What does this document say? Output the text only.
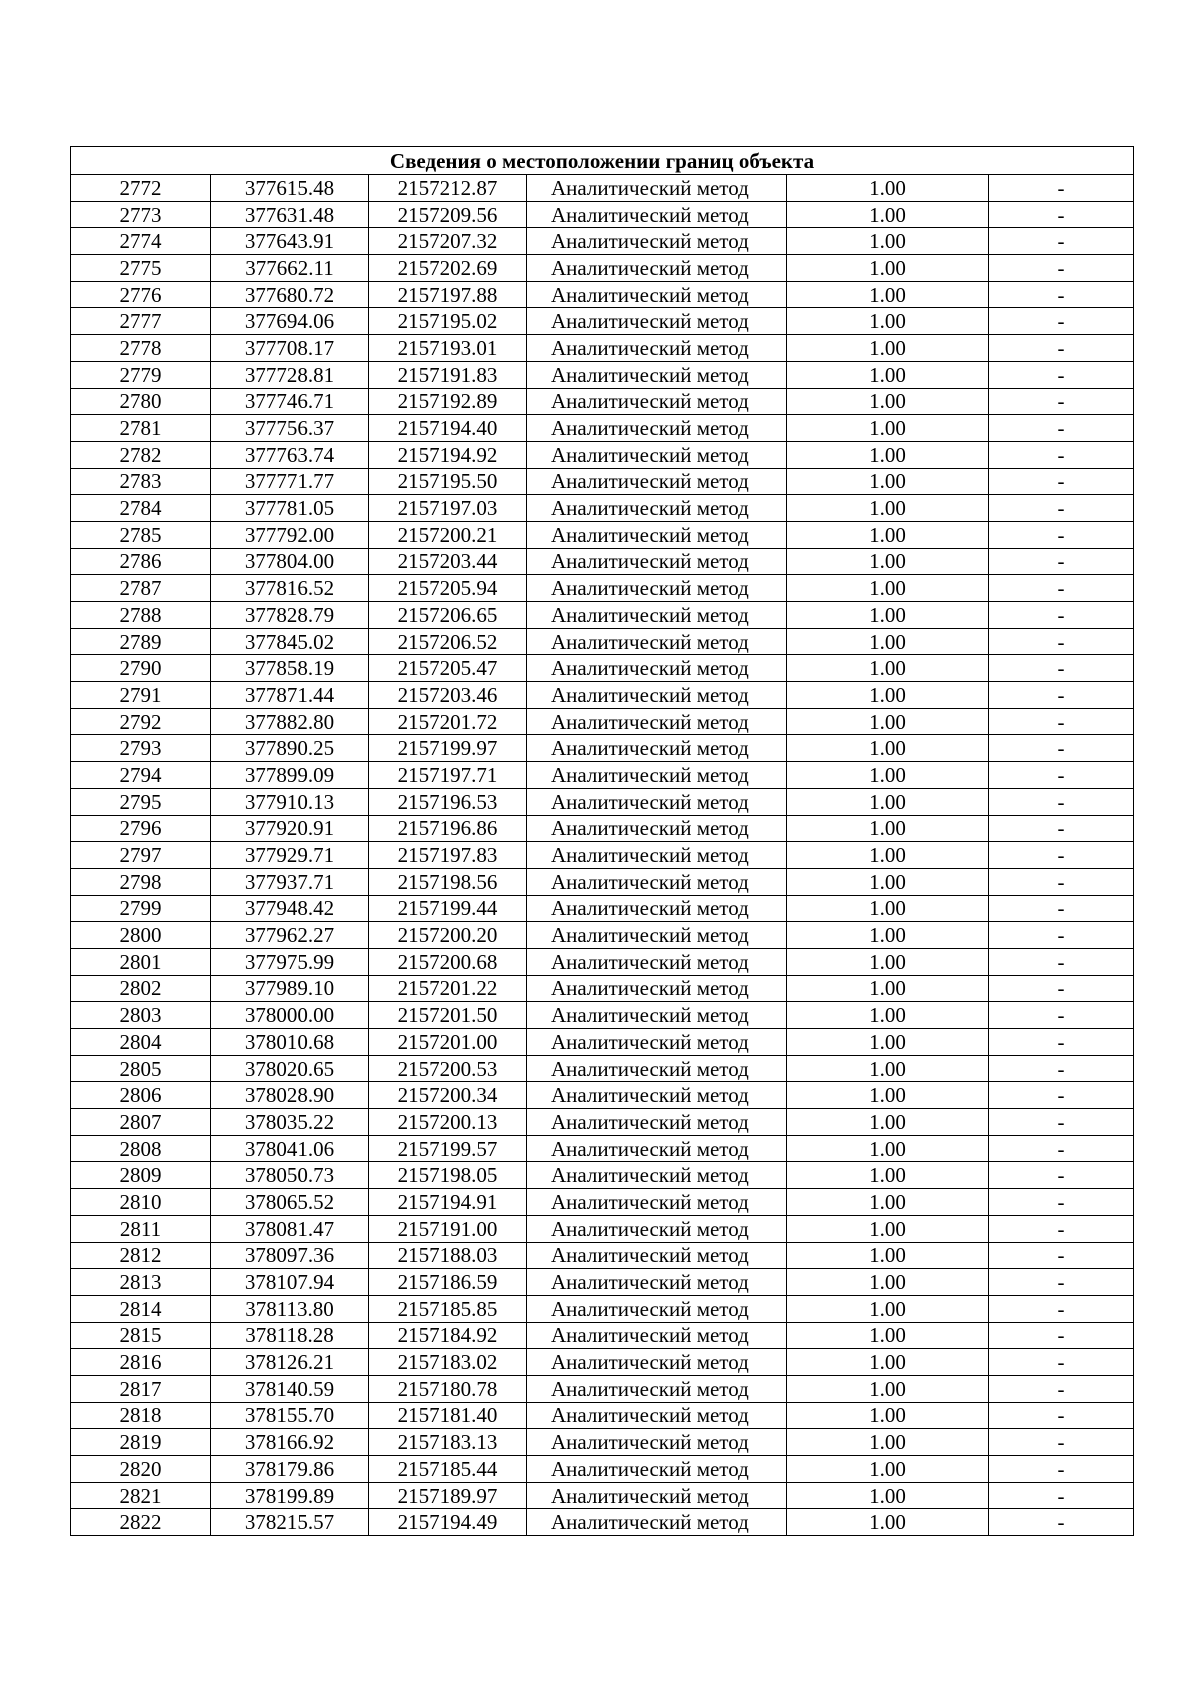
Сведения о местоположении границ объекта					
2772	377615.48	2157212.87	Аналитический метод	1.00	-
2773	377631.48	2157209.56	Аналитический метод	1.00	-
2774	377643.91	2157207.32	Аналитический метод	1.00	-
2775	377662.11	2157202.69	Аналитический метод	1.00	-
2776	377680.72	2157197.88	Аналитический метод	1.00	-
2777	377694.06	2157195.02	Аналитический метод	1.00	-
2778	377708.17	2157193.01	Аналитический метод	1.00	-
2779	377728.81	2157191.83	Аналитический метод	1.00	-
2780	377746.71	2157192.89	Аналитический метод	1.00	-
2781	377756.37	2157194.40	Аналитический метод	1.00	-
2782	377763.74	2157194.92	Аналитический метод	1.00	-
2783	377771.77	2157195.50	Аналитический метод	1.00	-
2784	377781.05	2157197.03	Аналитический метод	1.00	-
2785	377792.00	2157200.21	Аналитический метод	1.00	-
2786	377804.00	2157203.44	Аналитический метод	1.00	-
2787	377816.52	2157205.94	Аналитический метод	1.00	-
2788	377828.79	2157206.65	Аналитический метод	1.00	-
2789	377845.02	2157206.52	Аналитический метод	1.00	-
2790	377858.19	2157205.47	Аналитический метод	1.00	-
2791	377871.44	2157203.46	Аналитический метод	1.00	-
2792	377882.80	2157201.72	Аналитический метод	1.00	-
2793	377890.25	2157199.97	Аналитический метод	1.00	-
2794	377899.09	2157197.71	Аналитический метод	1.00	-
2795	377910.13	2157196.53	Аналитический метод	1.00	-
2796	377920.91	2157196.86	Аналитический метод	1.00	-
2797	377929.71	2157197.83	Аналитический метод	1.00	-
2798	377937.71	2157198.56	Аналитический метод	1.00	-
2799	377948.42	2157199.44	Аналитический метод	1.00	-
2800	377962.27	2157200.20	Аналитический метод	1.00	-
2801	377975.99	2157200.68	Аналитический метод	1.00	-
2802	377989.10	2157201.22	Аналитический метод	1.00	-
2803	378000.00	2157201.50	Аналитический метод	1.00	-
2804	378010.68	2157201.00	Аналитический метод	1.00	-
2805	378020.65	2157200.53	Аналитический метод	1.00	-
2806	378028.90	2157200.34	Аналитический метод	1.00	-
2807	378035.22	2157200.13	Аналитический метод	1.00	-
2808	378041.06	2157199.57	Аналитический метод	1.00	-
2809	378050.73	2157198.05	Аналитический метод	1.00	-
2810	378065.52	2157194.91	Аналитический метод	1.00	-
2811	378081.47	2157191.00	Аналитический метод	1.00	-
2812	378097.36	2157188.03	Аналитический метод	1.00	-
2813	378107.94	2157186.59	Аналитический метод	1.00	-
2814	378113.80	2157185.85	Аналитический метод	1.00	-
2815	378118.28	2157184.92	Аналитический метод	1.00	-
2816	378126.21	2157183.02	Аналитический метод	1.00	-
2817	378140.59	2157180.78	Аналитический метод	1.00	-
2818	378155.70	2157181.40	Аналитический метод	1.00	-
2819	378166.92	2157183.13	Аналитический метод	1.00	-
2820	378179.86	2157185.44	Аналитический метод	1.00	-
2821	378199.89	2157189.97	Аналитический метод	1.00	-
2822	378215.57	2157194.49	Аналитический метод	1.00	-
